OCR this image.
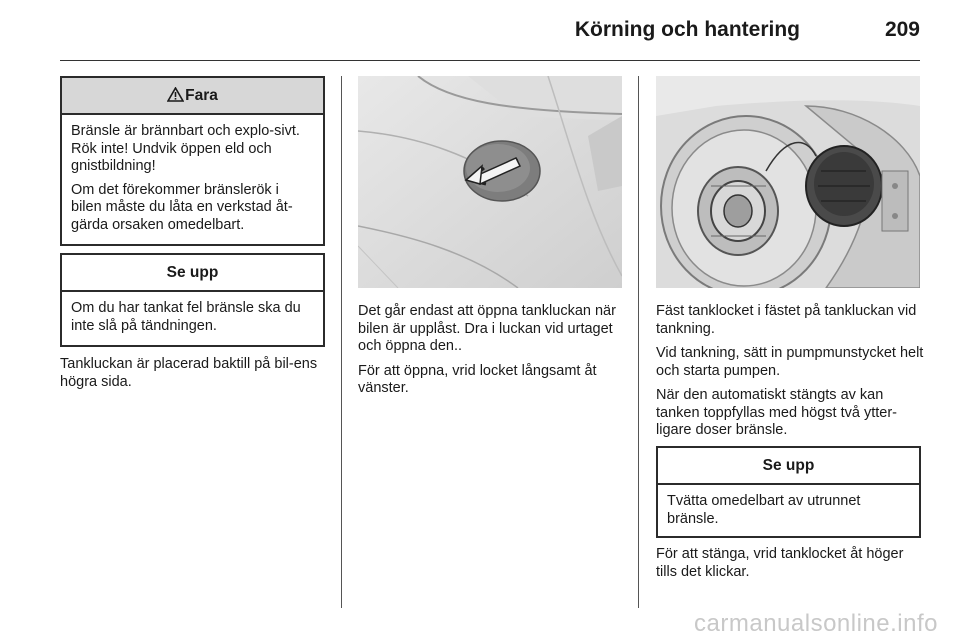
Körning och hantering	209
Fara

Bränsle är brännbart och explo-sivt. Rök inte! Undvik öppen eld och gnistbildning!

Om det förekommer bränslerök i bilen måste du låta en verkstad åt-gärda orsaken omedelbart.

Se upp

Om du har tankat fel bränsle ska du inte slå på tändningen.

Tankluckan är placerad baktill på bil-ens högra sida.

Det går endast att öppna tankluckan när bilen är upplåst. Dra i luckan vid urtaget och öppna den..

För att öppna, vrid locket långsamt åt vänster.

Fäst tanklocket i fästet på tankluckan vid tankning.

Vid tankning, sätt in pumpmunstycket helt och starta pumpen.

När den automatiskt stängts av kan tanken toppfyllas med högst två ytter-ligare doser bränsle.

Se upp

Tvätta omedelbart av utrunnet bränsle.

För att stänga, vrid tanklocket åt höger tills det klickar.

carmanualsonline.info
